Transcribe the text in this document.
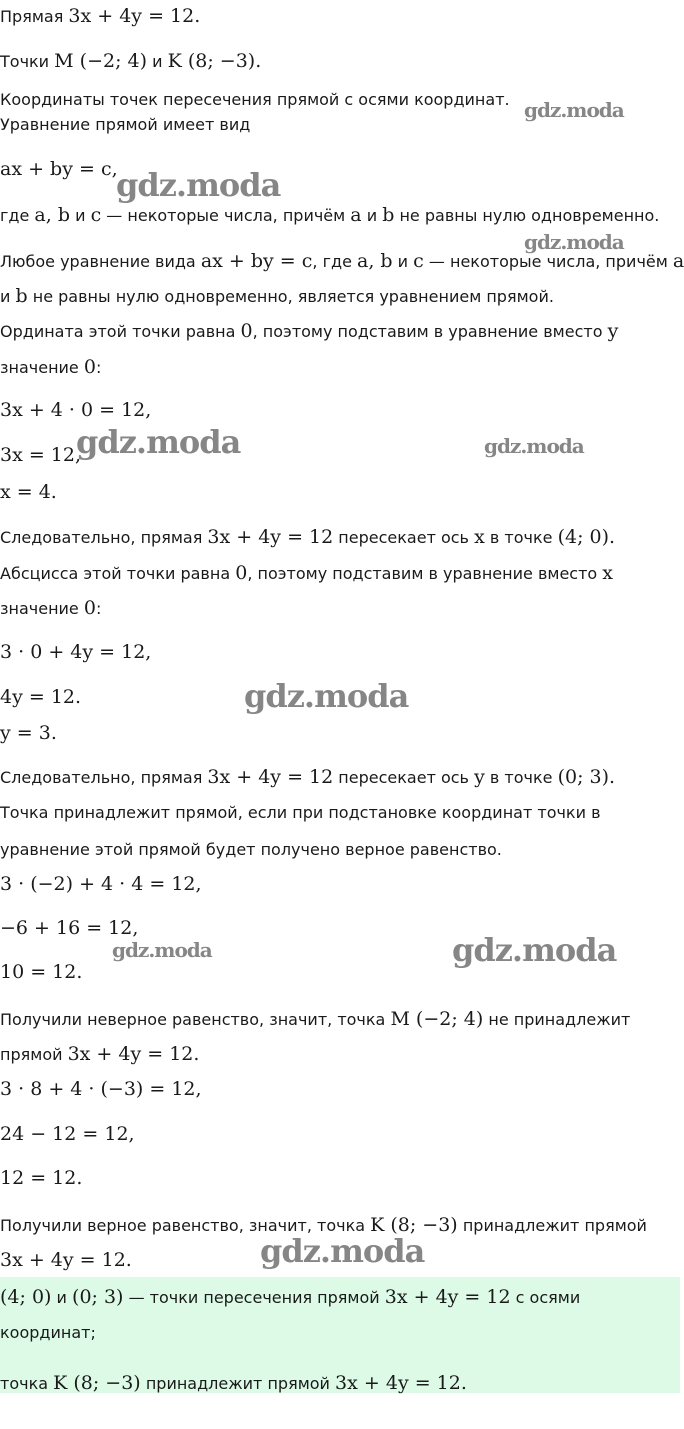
Прямая 3x + 4y = 12.
Точки M (−2; 4) и K (8; −3).
Координаты точек пересечения прямой с осями координат.
Уравнение прямой имеет вид
ax + by = c,
где a, b и c — некоторые числа, причём a и b не равны нулю одновременно.
Любое уравнение вида ax + by = c, где a, b и c — некоторые числа, причём a
и b не равны нулю одновременно, является уравнением прямой.
Ордината этой точки равна 0, поэтому подставим в уравнение вместо y
значение 0:
3x + 4 · 0 = 12,
3x = 12,
x = 4.
Следовательно, прямая 3x + 4y = 12 пересекает ось x в точке (4; 0).
Абсцисса этой точки равна 0, поэтому подставим в уравнение вместо x
значение 0:
3 · 0 + 4y = 12,
4y = 12.
y = 3.
Следовательно, прямая 3x + 4y = 12 пересекает ось y в точке (0; 3).
Точка принадлежит прямой, если при подстановке координат точки в
уравнение этой прямой будет получено верное равенство.
3 · (−2) + 4 · 4 = 12,
−6 + 16 = 12,
10 = 12.
Получили неверное равенство, значит, точка M (−2; 4) не принадлежит
прямой 3x + 4y = 12.
3 · 8 + 4 · (−3) = 12,
24 − 12 = 12,
12 = 12.
Получили верное равенство, значит, точка K (8; −3) принадлежит прямой
3x + 4y = 12.
(4; 0) и (0; 3) — точки пересечения прямой 3x + 4y = 12 с осями
координат;
точка K (8; −3) принадлежит прямой 3x + 4y = 12.
gdz.moda
gdz.moda
gdz.moda
gdz.moda	gdz.moda
gdz.moda
gdz.moda	gdz.moda
gdz.moda
